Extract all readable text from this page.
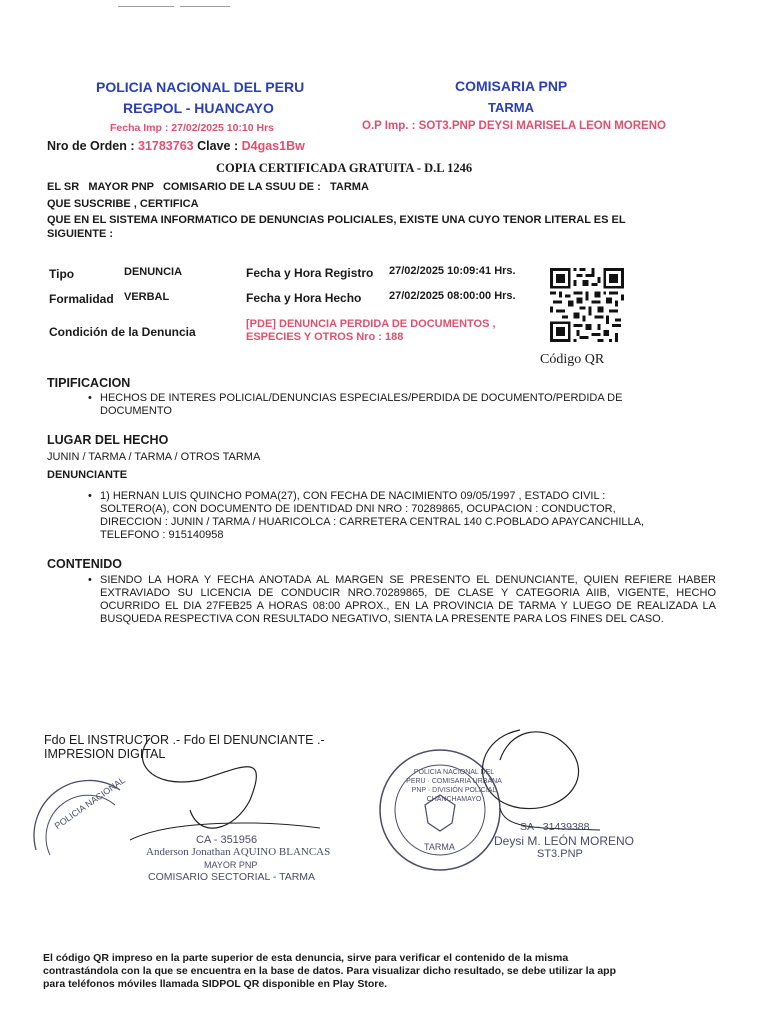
POLICIA NACIONAL DEL PERU
REGPOL - HUANCAYO
Fecha Imp : 27/02/2025 10:10 Hrs
COMISARIA PNP
TARMA
O.P Imp. : SOT3.PNP DEYSI MARISELA LEON MORENO
Nro de Orden : 31783763 Clave : D4gas1Bw
COPIA CERTIFICADA GRATUITA - D.L 1246
EL SR   MAYOR PNP   COMISARIO DE LA SSUU DE : TARMA
QUE SUSCRIBE , CERTIFICA
QUE EN EL SISTEMA INFORMATICO DE DENUNCIAS POLICIALES, EXISTE UNA CUYO TENOR LITERAL ES EL
SIGUIENTE :
Tipo	DENUNCIA
Formalidad VERBAL
Condición de la Denuncia
Fecha y Hora Registro 27/02/2025 10:09:41 Hrs.
Fecha y Hora Hecho	27/02/2025 08:00:00 Hrs.
[PDE] DENUNCIA PERDIDA DE DOCUMENTOS ,
ESPECIES Y OTROS Nro : 188
Código QR
TIPIFICACION
• HECHOS DE INTERES POLICIAL/DENUNCIAS ESPECIALES/PERDIDA DE DOCUMENTO/PERDIDA DE DOCUMENTO
LUGAR DEL HECHO
JUNIN / TARMA / TARMA / OTROS TARMA
DENUNCIANTE
• 1) HERNAN LUIS QUINCHO POMA(27), CON FECHA DE NACIMIENTO 09/05/1997 , ESTADO CIVIL : SOLTERO(A), CON DOCUMENTO DE IDENTIDAD DNI NRO : 70289865, OCUPACION : CONDUCTOR, DIRECCION : JUNIN / TARMA / HUARICOLCA : CARRETERA CENTRAL 140 C.POBLADO APAYCANCHILLA, TELEFONO : 915140958
CONTENIDO
• SIENDO LA HORA Y FECHA ANOTADA AL MARGEN SE PRESENTO EL DENUNCIANTE, QUIEN REFIERE HABER EXTRAVIADO SU LICENCIA DE CONDUCIR NRO.70289865, DE CLASE Y CATEGORIA AIIB, VIGENTE, HECHO OCURRIDO EL DIA 27FEB25 A HORAS 08:00 APROX., EN LA PROVINCIA DE TARMA Y LUEGO DE REALIZADA LA BUSQUEDA RESPECTIVA CON RESULTADO NEGATIVO, SIENTA LA PRESENTE PARA LOS FINES DEL CASO.
Fdo EL INSTRUCTOR .- Fdo El DENUNCIANTE .-
IMPRESION DIGITAL
POLICIA NACIONAL
POLICIA NACIONAL DEL PERU · COMISARIA URBANA PNP · DIVISIÓN POLICIAL CHANCHAMAYO
TARMA
CA - 351956
Anderson Jonathan AQUINO BLANCAS
MAYOR PNP
COMISARIO SECTORIAL - TARMA
SA - 31439388
Deysi M. LEÓN MORENO
ST3.PNP
El código QR impreso en la parte superior de esta denuncia, sirve para verificar el contenido de la misma
contrastándola con la que se encuentra en la base de datos. Para visualizar dicho resultado, se debe utilizar la app
para teléfonos móviles llamada SIDPOL QR disponible en Play Store.
